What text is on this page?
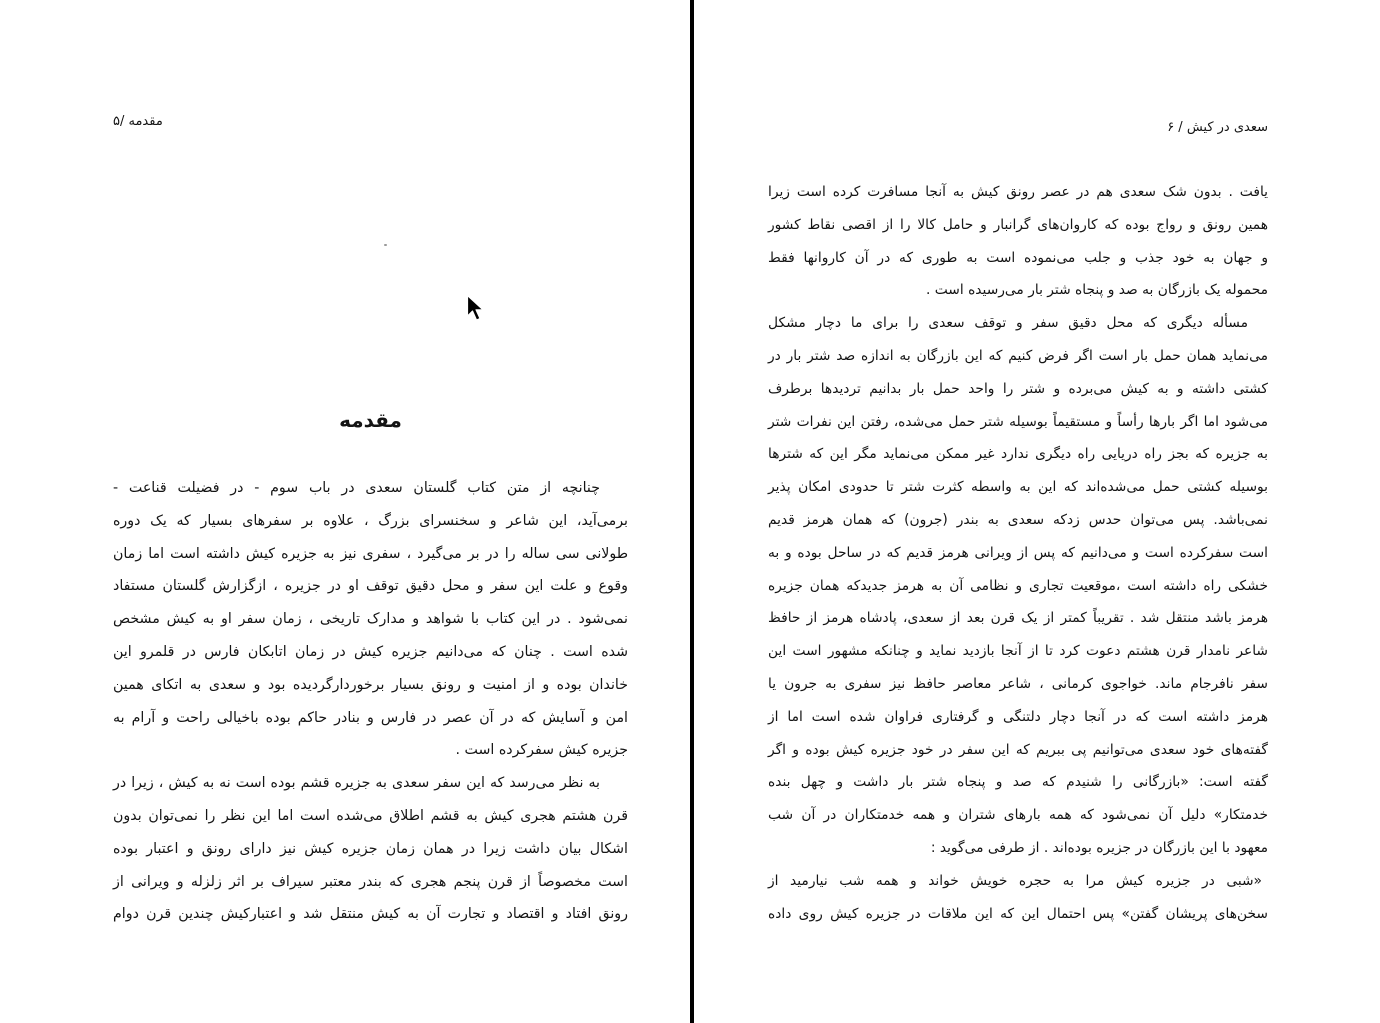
مقدمه /۵
مقدمه
چنانچه از متن کتاب گلستان سعدی در باب سوم - در فضیلت قناعت -
برمی‌آید، این شاعر و سخنسرای بزرگ ، علاوه بر سفرهای بسیار که یک دوره
طولانی سی ساله را در بر می‌گیرد ، سفری نیز به جزیره کیش داشته است اما زمان
وقوع و علت این سفر و محل دقیق توقف او در جزیره ، ازگزارش گلستان مستفاد
نمی‌شود . در این کتاب با شواهد و مدارک تاریخی ، زمان سفر او به کیش مشخص
شده است . چنان که می‌دانیم جزیره کیش در زمان اتابکان فارس در قلمرو این
خاندان بوده و از امنیت و رونق بسیار برخوردارگردیده بود و سعدی به اتکای همین
امن و آسایش که در آن عصر در فارس و بنادر حاکم بوده باخیالی راحت و آرام به
جزیره کیش سفرکرده است .
به نظر می‌رسد که این سفر سعدی به جزیره قشم بوده است نه به کیش ، زیرا در
قرن هشتم هجری کیش به قشم اطلاق می‌شده است اما این نظر را نمی‌توان بدون
اشکال بیان داشت زیرا در همان زمان جزیره کیش نیز دارای رونق و اعتبار بوده
است مخصوصاً از قرن پنجم هجری که بندر معتبر سیراف بر اثر زلزله و ویرانی از
رونق افتاد و اقتصاد و تجارت آن به کیش منتقل شد و اعتبارکیش چندین قرن دوام
سعدی در کیش / ۶
یافت . بدون شک سعدی هم در عصر رونق کیش به آنجا مسافرت کرده است زیرا
همین رونق و رواج بوده که کاروان‌های گرانبار و حامل کالا را از اقصی نقاط کشور
و جهان به خود جذب و جلب می‌نموده است به طوری که در آن کاروانها فقط
محموله یک بازرگان به صد و پنجاه شتر بار می‌رسیده است .
مسأله دیگری که محل دقیق سفر و توقف سعدی را برای ما دچار مشکل
می‌نماید همان حمل بار است اگر فرض کنیم که این بازرگان به اندازه صد شتر بار در
کشتی داشته و به کیش می‌برده و شتر را واحد حمل بار بدانیم تردیدها برطرف
می‌شود اما اگر بارها رأساً و مستقیماً بوسیله شتر حمل می‌شده، رفتن این نفرات شتر
به جزیره که بجز راه دریایی راه دیگری ندارد غیر ممکن می‌نماید مگر این که شترها
بوسیله کشتی حمل می‌شده‌اند که این به واسطه کثرت شتر تا حدودی امکان پذیر
نمی‌باشد. پس می‌توان حدس زدکه سعدی به بندر (جرون) که همان هرمز قدیم
است سفرکرده است و می‌دانیم که پس از ویرانی هرمز قدیم که در ساحل بوده و به
خشکی راه داشته است ،موقعیت تجاری و نظامی آن به هرمز جدیدکه همان جزیره
هرمز باشد منتقل شد . تقریباً کمتر از یک قرن بعد از سعدی، پادشاه هرمز از حافظ
شاعر نامدار قرن هشتم دعوت کرد تا از آنجا بازدید نماید و چنانکه مشهور است این
سفر نافرجام ماند. خواجوی کرمانی ، شاعر معاصر حافظ نیز سفری به جرون یا
هرمز داشته است که در آنجا دچار دلتنگی و گرفتاری فراوان شده است اما از
گفته‌های خود سعدی می‌توانیم پی ببریم که این سفر در خود جزیره کیش بوده و اگر
گفته است: «بازرگانی را شنیدم که صد و پنجاه شتر بار داشت و چهل بنده
خدمتکار» دلیل آن نمی‌شود که همه بارهای شتران و همه خدمتکاران در آن شب
معهود با این بازرگان در جزیره بوده‌اند . از طرفی می‌گوید :
«شبی در جزیره کیش مرا به حجره خویش خواند و همه شب نیارمید از
سخن‌های پریشان گفتن» پس احتمال این که این ملاقات در جزیره کیش روی داده
